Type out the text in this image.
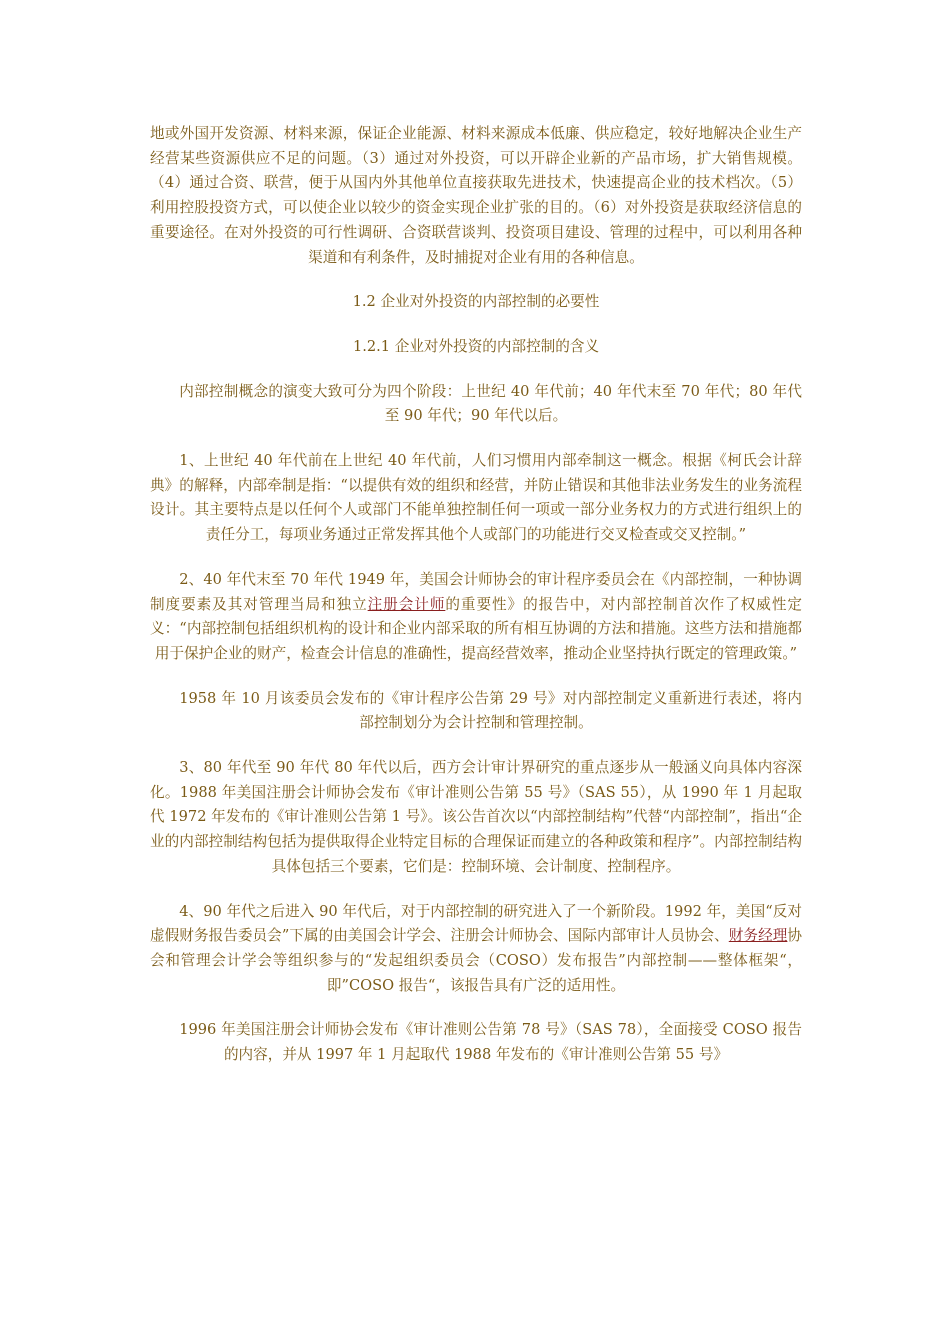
地或外国开发资源、材料来源，保证企业能源、材料来源成本低廉、供应稳定，较好地解决企业生产经营某些资源供应不足的问题。（3）通过对外投资，可以开辟企业新的产品市场，扩大销售规模。（4）通过合资、联营，便于从国内外其他单位直接获取先进技术，快速提高企业的技术档次。（5）利用控股投资方式，可以使企业以较少的资金实现企业扩张的目的。（6）对外投资是获取经济信息的重要途径。在对外投资的可行性调研、合资联营谈判、投资项目建设、管理的过程中，可以利用各种渠道和有利条件，及时捕捉对企业有用的各种信息。

1.2 企业对外投资的内部控制的必要性

1.2.1 企业对外投资的内部控制的含义

内部控制概念的演变大致可分为四个阶段：上世纪 40 年代前；40 年代末至 70 年代；80 年代至 90 年代；90 年代以后。

1、上世纪 40 年代前在上世纪 40 年代前，人们习惯用内部牵制这一概念。根据《柯氏会计辞典》的解释，内部牵制是指：“以提供有效的组织和经营，并防止错误和其他非法业务发生的业务流程设计。其主要特点是以任何个人或部门不能单独控制任何一项或一部分业务权力的方式进行组织上的责任分工，每项业务通过正常发挥其他个人或部门的功能进行交叉检查或交叉控制。”

2、40 年代末至 70 年代 1949 年，美国会计师协会的审计程序委员会在《内部控制，一种协调制度要素及其对管理当局和独立注册会计师的重要性》的报告中，对内部控制首次作了权威性定义：“内部控制包括组织机构的设计和企业内部采取的所有相互协调的方法和措施。这些方法和措施都用于保护企业的财产，检查会计信息的准确性，提高经营效率，推动企业坚持执行既定的管理政策。”

1958 年 10 月该委员会发布的《审计程序公告第 29 号》对内部控制定义重新进行表述，将内部控制划分为会计控制和管理控制。

3、80 年代至 90 年代 80 年代以后，西方会计审计界研究的重点逐步从一般涵义向具体内容深化。1988 年美国注册会计师协会发布《审计准则公告第 55 号》（SAS 55），从 1990 年 1 月起取代 1972 年发布的《审计准则公告第 1 号》。该公告首次以“内部控制结构”代替“内部控制”，指出“企业的内部控制结构包括为提供取得企业特定目标的合理保证而建立的各种政策和程序”。内部控制结构具体包括三个要素，它们是：控制环境、会计制度、控制程序。

4、90 年代之后进入 90 年代后，对于内部控制的研究进入了一个新阶段。1992 年，美国“反对虚假财务报告委员会”下属的由美国会计学会、注册会计师协会、国际内部审计人员协会、财务经理协会和管理会计学会等组织参与的“发起组织委员会（COSO）发布报告”内部控制——整体框架“，即”COSO 报告“，该报告具有广泛的适用性。

1996 年美国注册会计师协会发布《审计准则公告第 78 号》（SAS 78），全面接受 COSO 报告的内容，并从 1997 年 1 月起取代 1988 年发布的《审计准则公告第 55 号》
